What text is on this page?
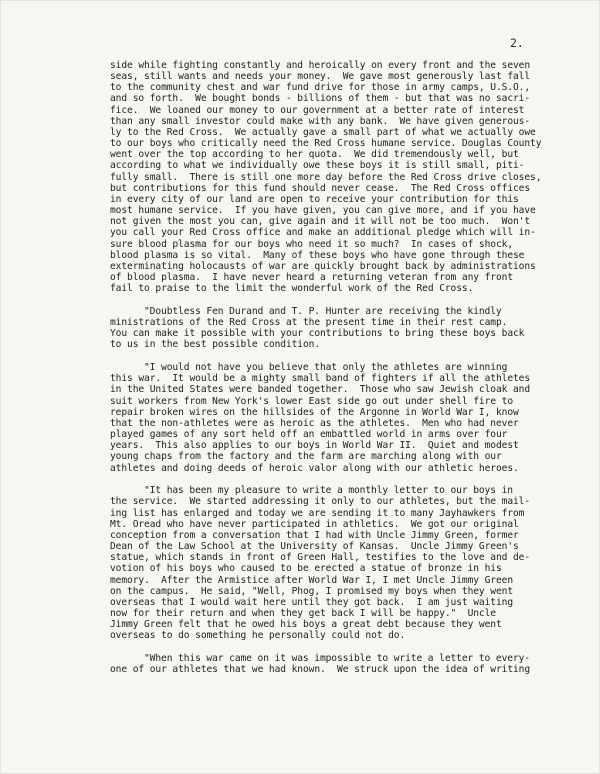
2.
side while fighting constantly and heroically on every front and the seven
seas, still wants and needs your money.  We gave most generously last fall
to the community chest and war fund drive for those in army camps, U.S.O.,
and so forth.  We bought bonds - billions of them - but that was no sacri-
fice.  We loaned our money to our government at a better rate of interest
than any small investor could make with any bank.  We have given generous-
ly to the Red Cross.  We actually gave a small part of what we actually owe
to our boys who critically need the Red Cross humane service. Douglas County
went over the top according to her quota.  We did tremendously well, but
according to what we individually owe these boys it is still small, piti-
fully small.  There is still one more day before the Red Cross drive closes,
but contributions for this fund should never cease.  The Red Cross offices
in every city of our land are open to receive your contribution for this
most humane service.  If you have given, you can give more, and if you have
not given the most you can, give again and it will not be too much.  Won't
you call your Red Cross office and make an additional pledge which will in-
sure blood plasma for our boys who need it so much?  In cases of shock,
blood plasma is so vital.  Many of these boys who have gone through these
exterminating holocausts of war are quickly brought back by administrations
of blood plasma.  I have never heard a returning veteran from any front
fail to praise to the limit the wonderful work of the Red Cross.
"Doubtless Fen Durand and T. P. Hunter are receiving the kindly
ministrations of the Red Cross at the present time in their rest camp.
You can make it possible with your contributions to bring these boys back
to us in the best possible condition.
"I would not have you believe that only the athletes are winning
this war.  It would be a mighty small band of fighters if all the athletes
in the United States were banded together.  Those who saw Jewish cloak and
suit workers from New York's lower East side go out under shell fire to
repair broken wires on the hillsides of the Argonne in World War I, know
that the non-athletes were as heroic as the athletes.  Men who had never
played games of any sort held off an embattled world in arms over four
years.  This also applies to our boys in World War II.  Quiet and modest
young chaps from the factory and the farm are marching along with our
athletes and doing deeds of heroic valor along with our athletic heroes.
"It has been my pleasure to write a monthly letter to our boys in
the service.  We started addressing it only to our athletes, but the mail-
ing list has enlarged and today we are sending it to many Jayhawkers from
Mt. Oread who have never participated in athletics.  We got our original
conception from a conversation that I had with Uncle Jimmy Green, former
Dean of the Law School at the University of Kansas.  Uncle Jimmy Green's
statue, which stands in front of Green Hall, testifies to the love and de-
votion of his boys who caused to be erected a statue of bronze in his
memory.  After the Armistice after World War I, I met Uncle Jimmy Green
on the campus.  He said, "Well, Phog, I promised my boys when they went
overseas that I would wait here until they got back.  I am just waiting
now for their return and when they get back I will be happy."  Uncle
Jimmy Green felt that he owed his boys a great debt because they went
overseas to do something he personally could not do.
"When this war came on it was impossible to write a letter to every-
one of our athletes that we had known.  We struck upon the idea of writing
